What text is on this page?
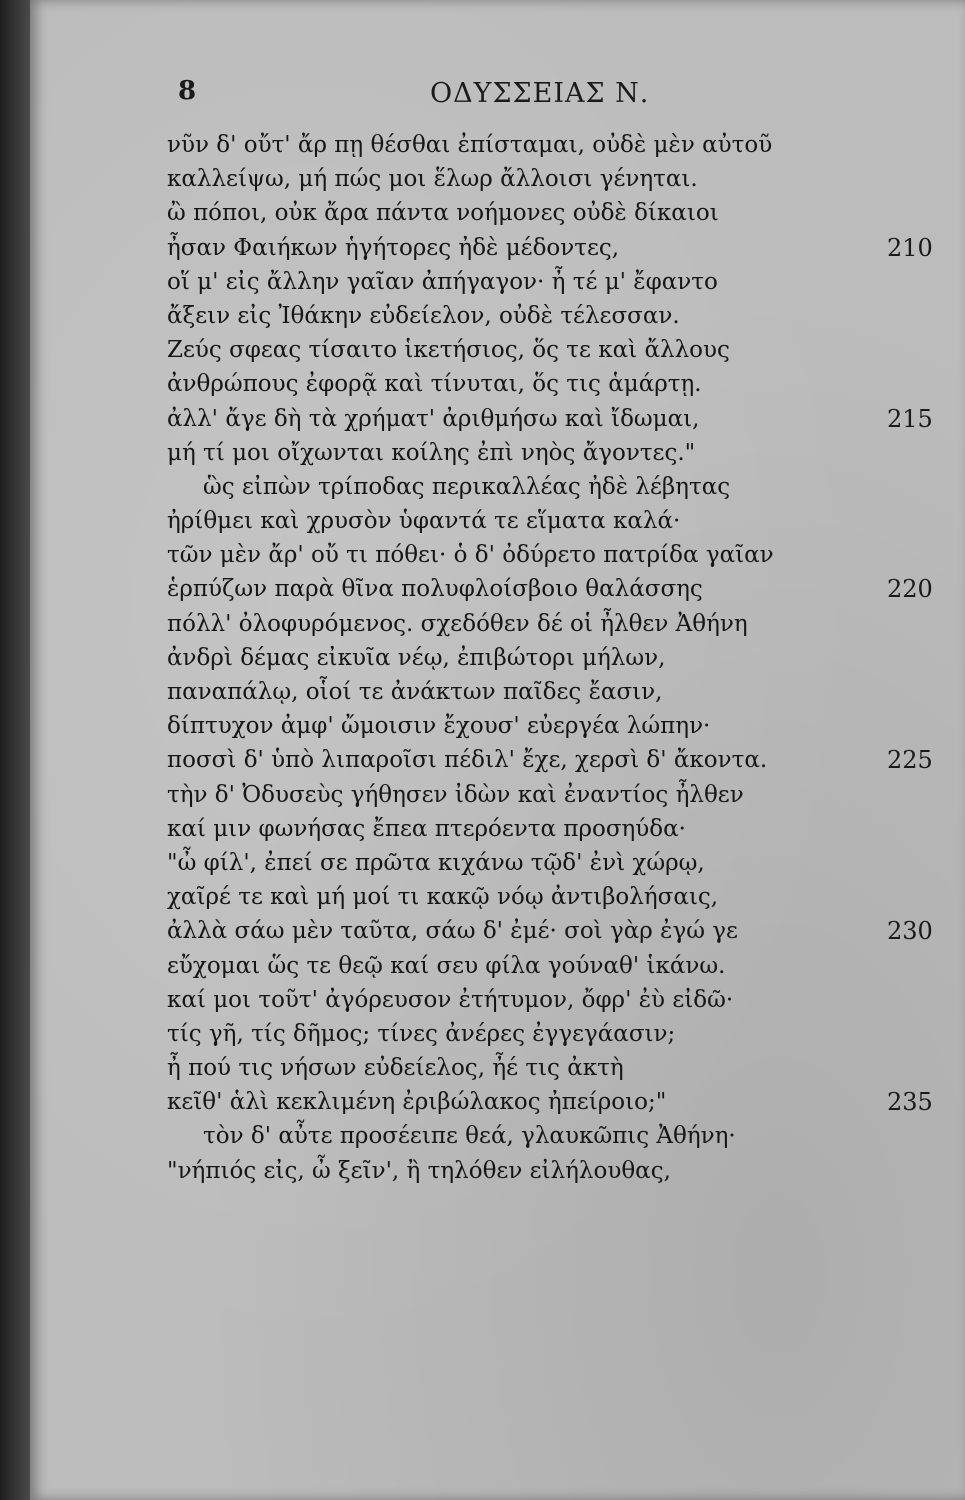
8	ΟΔΥΣΣΕΙΑΣ Ν.
νῦν δ' οὔτ' ἄρ πῃ θέσθαι ἐπίσταμαι, οὐδὲ μὲν αὐτοῦ
καλλείψω, μή πώς μοι ἕλωρ ἄλλοισι γένηται.
ὢ πόποι, οὐκ ἄρα πάντα νοήμονες οὐδὲ δίκαιοι
ἦσαν Φαιήκων ἡγήτορες ἠδὲ μέδοντες,	210
οἵ μ' εἰς ἄλλην γαῖαν ἀπήγαγον· ἦ τέ μ' ἔφαντο
ἄξειν εἰς Ἰθάκην εὐδείελον, οὐδὲ τέλεσσαν.
Ζεύς σφεας τίσαιτο ἱκετήσιος, ὅς τε καὶ ἄλλους
ἀνθρώπους ἐφορᾷ καὶ τίνυται, ὅς τις ἁμάρτῃ.
ἀλλ' ἄγε δὴ τὰ χρήματ' ἀριθμήσω καὶ ἴδωμαι,	215
μή τί μοι οἴχωνται κοίλης ἐπὶ νηὸς ἄγοντες."
ὣς εἰπὼν τρίποδας περικαλλέας ἠδὲ λέβητας
ἠρίθμει καὶ χρυσὸν ὑφαντά τε εἵματα καλά·
τῶν μὲν ἄρ' οὔ τι πόθει· ὁ δ' ὀδύρετο πατρίδα γαῖαν
ἑρπύζων παρὰ θῖνα πολυφλοίσβοιο θαλάσσης	220
πόλλ' ὀλοφυρόμενος. σχεδόθεν δέ οἱ ἦλθεν Ἀθήνη
ἀνδρὶ δέμας εἰκυῖα νέῳ, ἐπιβώτορι μήλων,
παναπάλῳ, οἷοί τε ἀνάκτων παῖδες ἔασιν,
δίπτυχον ἀμφ' ὤμοισιν ἔχουσ' εὐεργέα λώπην·
ποσσὶ δ' ὑπὸ λιπαροῖσι πέδιλ' ἔχε, χερσὶ δ' ἄκοντα.	225
τὴν δ' Ὀδυσεὺς γήθησεν ἰδὼν καὶ ἐναντίος ἦλθεν
καί μιν φωνήσας ἔπεα πτερόεντα προσηύδα·
"ὦ φίλ', ἐπεί σε πρῶτα κιχάνω τῷδ' ἐνὶ χώρῳ,
χαῖρέ τε καὶ μή μοί τι κακῷ νόῳ ἀντιβολήσαις,
ἀλλὰ σάω μὲν ταῦτα, σάω δ' ἐμέ· σοὶ γὰρ ἐγώ γε	230
εὔχομαι ὥς τε θεῷ καί σευ φίλα γούναθ' ἱκάνω.
καί μοι τοῦτ' ἀγόρευσον ἐτήτυμον, ὄφρ' ἐὺ εἰδῶ·
τίς γῆ, τίς δῆμος; τίνες ἀνέρες ἐγγεγάασιν;
ἦ πού τις νήσων εὐδείελος, ἦέ τις ἀκτὴ
κεῖθ' ἁλὶ κεκλιμένη ἐριβώλακος ἠπείροιο;"	235
τὸν δ' αὖτε προσέειπε θεά, γλαυκῶπις Ἀθήνη·
"νήπιός εἰς, ὦ ξεῖν', ἢ τηλόθεν εἰλήλουθας,
